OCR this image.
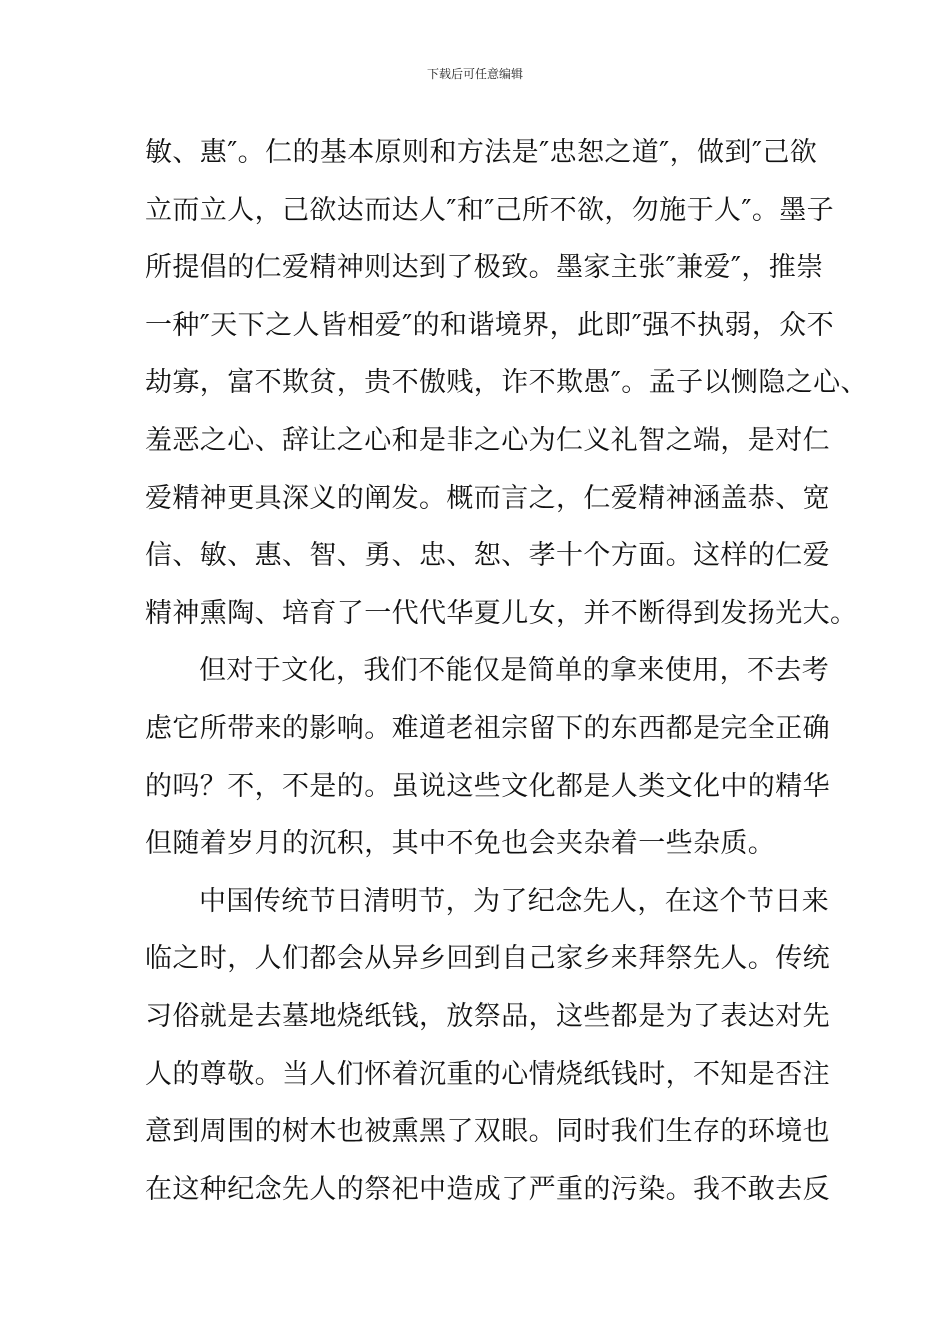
下载后可任意编辑
敏、惠″。仁的基本原则和方法是″忠恕之道″，做到″己欲
立而立人，己欲达而达人″和″己所不欲，勿施于人″。墨子
所提倡的仁爱精神则达到了极致。墨家主张″兼爱″，推崇
一种″天下之人皆相爱″的和谐境界，此即″强不执弱，众不
劫寡，富不欺贫，贵不傲贱，诈不欺愚″。孟子以恻隐之心、
羞恶之心、辞让之心和是非之心为仁义礼智之端，是对仁
爱精神更具深义的阐发。概而言之，仁爱精神涵盖恭、宽
信、敏、惠、智、勇、忠、恕、孝十个方面。这样的仁爱
精神熏陶、培育了一代代华夏儿女，并不断得到发扬光大。
但对于文化，我们不能仅是简单的拿来使用，不去考
虑它所带来的影响。难道老祖宗留下的东西都是完全正确
的吗？不，不是的。虽说这些文化都是人类文化中的精华
但随着岁月的沉积，其中不免也会夹杂着一些杂质。
中国传统节日清明节，为了纪念先人，在这个节日来
临之时，人们都会从异乡回到自己家乡来拜祭先人。传统
习俗就是去墓地烧纸钱，放祭品，这些都是为了表达对先
人的尊敬。当人们怀着沉重的心情烧纸钱时，不知是否注
意到周围的树木也被熏黑了双眼。同时我们生存的环境也
在这种纪念先人的祭祀中造成了严重的污染。我不敢去反
